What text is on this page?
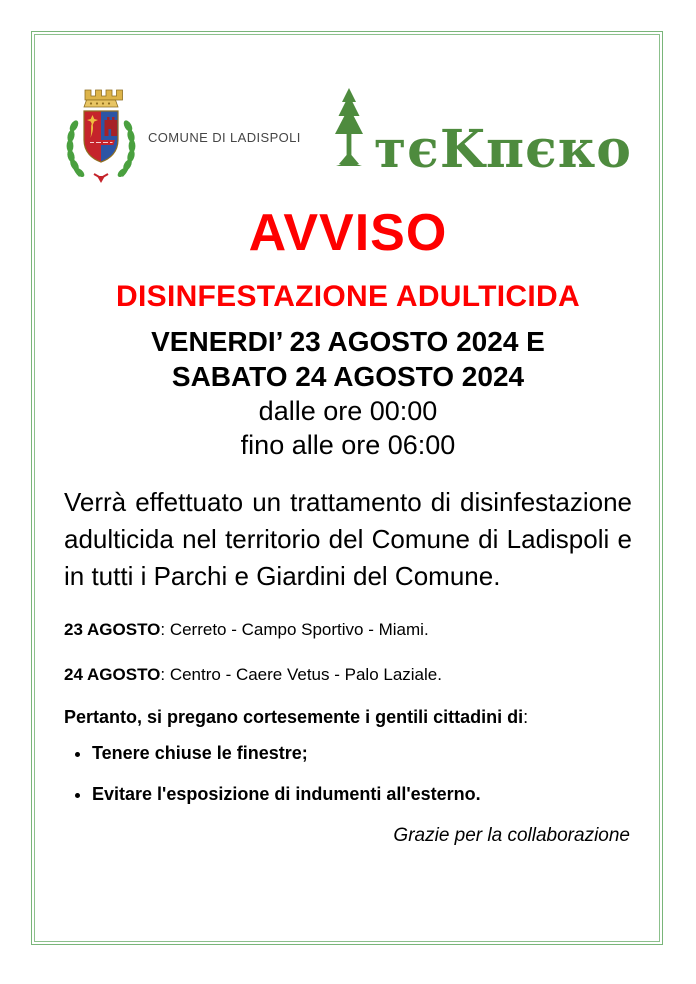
COMUNE DI LADISPOLI тєKпєко
AVVISO
DISINFESTAZIONE ADULTICIDA
VENERDI’ 23 AGOSTO 2024 E
SABATO 24 AGOSTO 2024
dalle ore 00:00
fino alle ore 06:00

Verrà effettuato un trattamento di disinfestazione adulticida nel territorio del Comune di Ladispoli e in tutti i Parchi e Giardini del Comune.

23 AGOSTO: Cerreto - Campo Sportivo - Miami.
24 AGOSTO: Centro - Caere Vetus - Palo Laziale.
Pertanto, si pregano cortesemente i gentili cittadini di:
• Tenere chiuse le finestre;
• Evitare l'esposizione di indumenti all'esterno.
Grazie per la collaborazione
